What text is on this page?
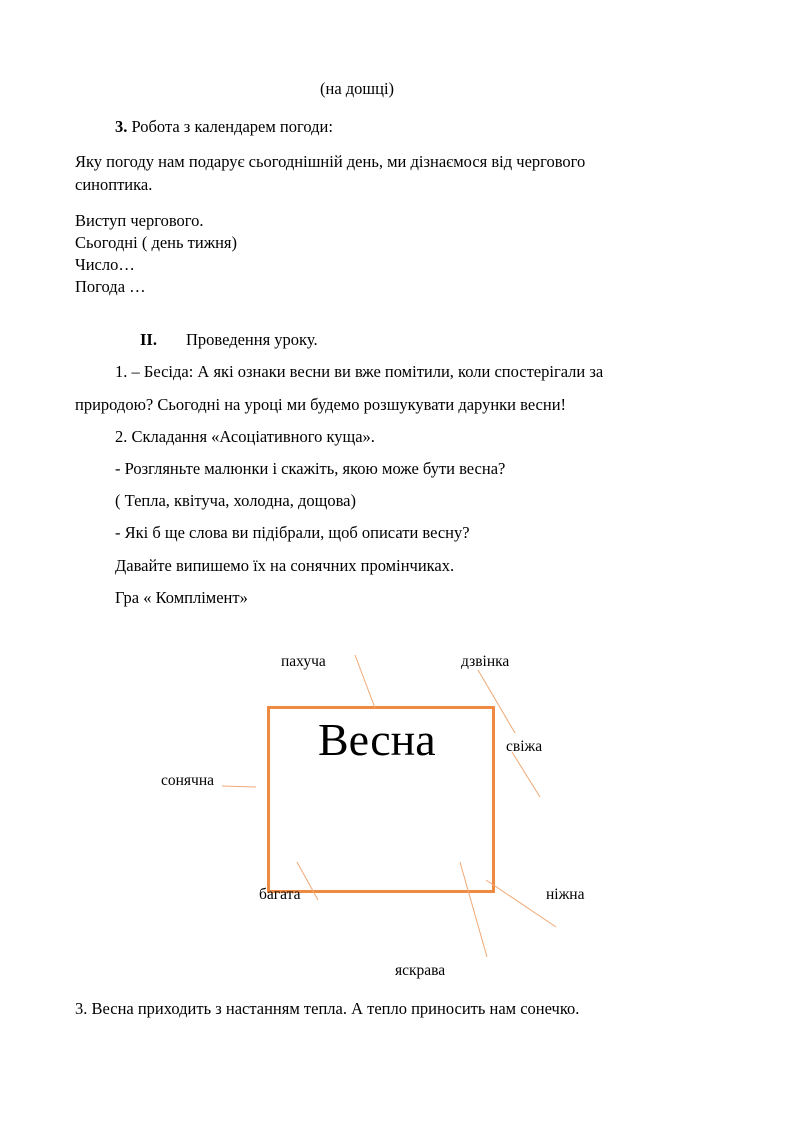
(на дошці)
3. Робота з календарем погоди:
Яку погоду нам подарує сьогоднішній день, ми дізнаємося від чергового
синоптика.
Виступ чергового.
Сьогодні ( день тижня)
Число…
Погода …
ІІ. Проведення уроку.
1. – Бесіда: А які ознаки весни ви вже помітили, коли спостерігали за
природою? Сьогодні на уроці ми будемо розшукувати дарунки весни!
2. Складання «Асоціативного куща».
- Розгляньте малюнки і скажіть, якою може бути весна?
( Тепла, квітуча, холодна, дощова)
- Які б ще слова ви підібрали, щоб описати весну?
Давайте випишемо їх на сонячних промінчиках.
Гра « Комплімент»
Весна
пахуча	дзвінка
свіжа
сонячна
багата	ніжна
яскрава
3. Весна приходить з настанням тепла. А тепло приносить нам сонечко.
